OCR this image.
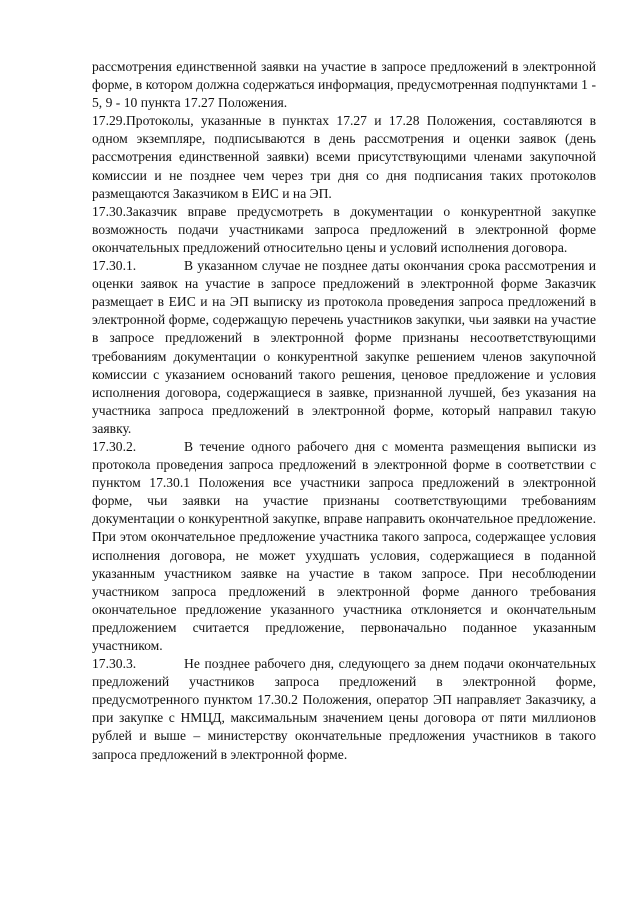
рассмотрения единственной заявки на участие в запросе предложений в электронной форме, в котором должна содержаться информация, предусмотренная подпунктами 1 - 5, 9 - 10 пункта 17.27 Положения.

17.29.Протоколы, указанные в пунктах 17.27 и 17.28 Положения, составляются в одном экземпляре, подписываются в день рассмотрения и оценки заявок (день рассмотрения единственной заявки) всеми присутствующими членами закупочной комиссии и не позднее чем через три дня со дня подписания таких протоколов размещаются Заказчиком в ЕИС и на ЭП.

17.30.Заказчик вправе предусмотреть в документации о конкурентной закупке возможность подачи участниками запроса предложений в электронной форме окончательных предложений относительно цены и условий исполнения договора.

17.30.1.	В указанном случае не позднее даты окончания срока рассмотрения и оценки заявок на участие в запросе предложений в электронной форме Заказчик размещает в ЕИС и на ЭП выписку из протокола проведения запроса предложений в электронной форме, содержащую перечень участников закупки, чьи заявки на участие в запросе предложений в электронной форме признаны несоответствующими требованиям документации о конкурентной закупке решением членов закупочной комиссии с указанием оснований такого решения, ценовое предложение и условия исполнения договора, содержащиеся в заявке, признанной лучшей, без указания на участника запроса предложений в электронной форме, который направил такую заявку.

17.30.2.	В течение одного рабочего дня с момента размещения выписки из протокола проведения запроса предложений в электронной форме в соответствии с пунктом 17.30.1 Положения все участники запроса предложений в электронной форме, чьи заявки на участие признаны соответствующими требованиям документации о конкурентной закупке, вправе направить окончательное предложение. При этом окончательное предложение участника такого запроса, содержащее условия исполнения договора, не может ухудшать условия, содержащиеся в поданной указанным участником заявке на участие в таком запросе. При несоблюдении участником запроса предложений в электронной форме данного требования окончательное предложение указанного участника отклоняется и окончательным предложением считается предложение, первоначально поданное указанным участником.

17.30.3.	Не позднее рабочего дня, следующего за днем подачи окончательных предложений участников запроса предложений в электронной форме, предусмотренного пунктом 17.30.2 Положения, оператор ЭП направляет Заказчику, а при закупке с НМЦД, максимальным значением цены договора от пяти миллионов рублей и выше – министерству окончательные предложения участников в такого запроса предложений в электронной форме.
